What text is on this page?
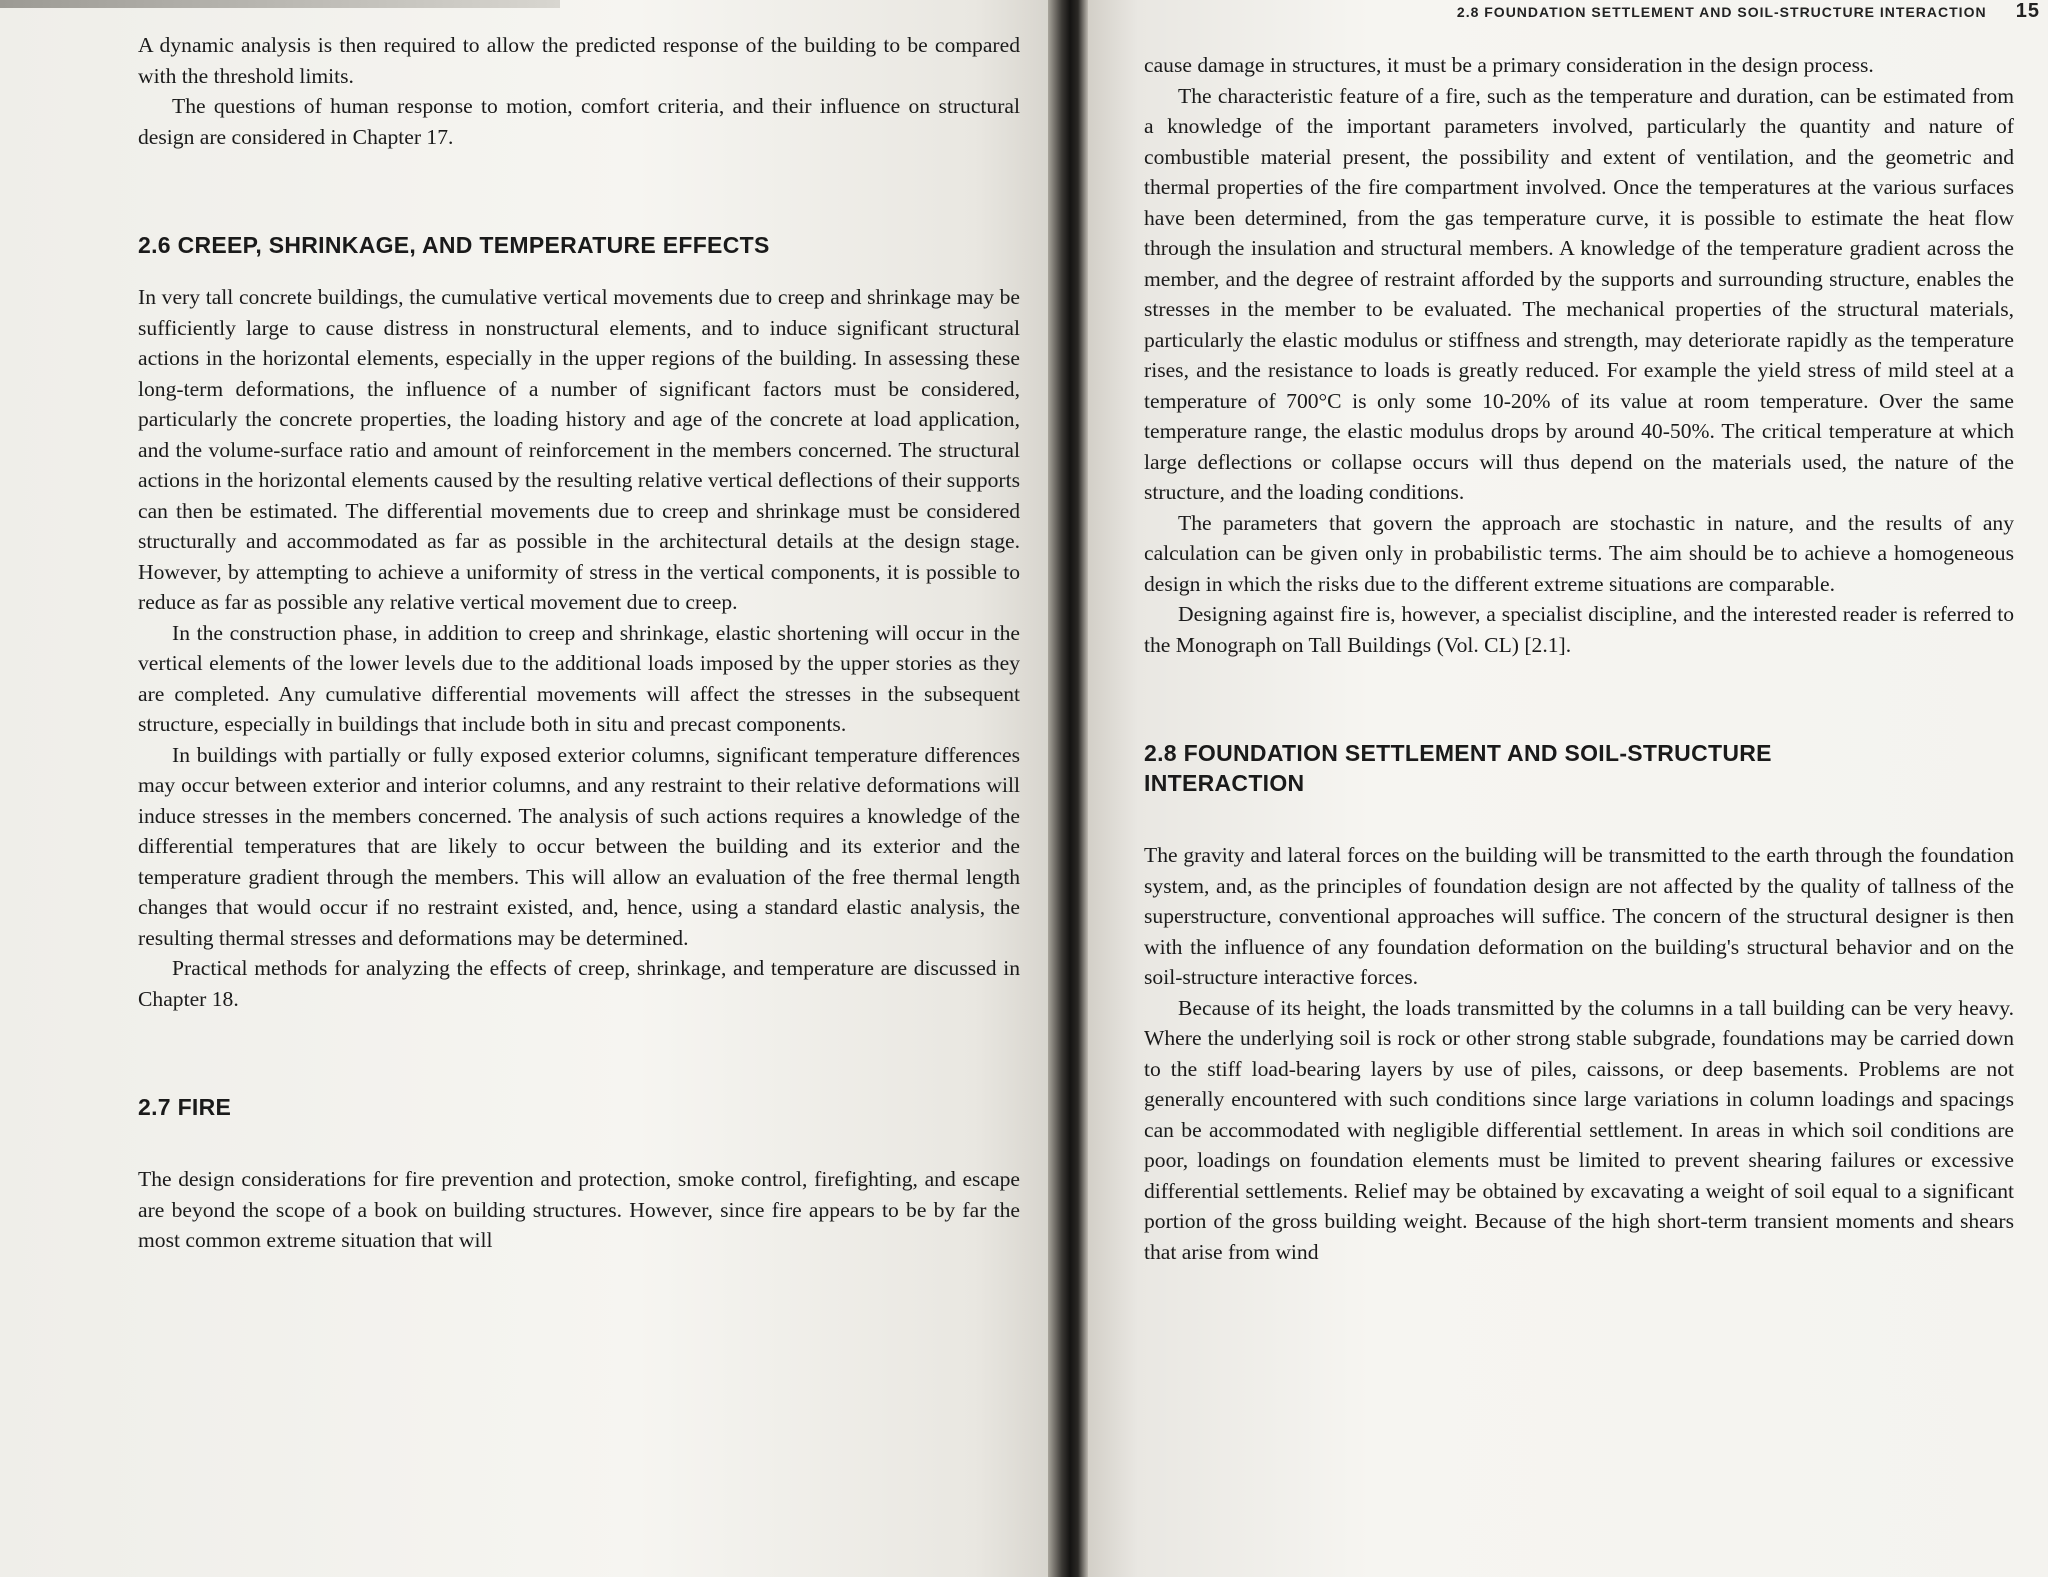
A dynamic analysis is then required to allow the predicted response of the building to be compared with the threshold limits.

The questions of human response to motion, comfort criteria, and their influence on structural design are considered in Chapter 17.

2.6 CREEP, SHRINKAGE, AND TEMPERATURE EFFECTS

In very tall concrete buildings, the cumulative vertical movements due to creep and shrinkage may be sufficiently large to cause distress in nonstructural elements, and to induce significant structural actions in the horizontal elements, especially in the upper regions of the building. In assessing these long-term deformations, the influence of a number of significant factors must be considered, particularly the concrete properties, the loading history and age of the concrete at load application, and the volume-surface ratio and amount of reinforcement in the members concerned. The structural actions in the horizontal elements caused by the resulting relative vertical deflections of their supports can then be estimated. The differential movements due to creep and shrinkage must be considered structurally and accommodated as far as possible in the architectural details at the design stage. However, by attempting to achieve a uniformity of stress in the vertical components, it is possible to reduce as far as possible any relative vertical movement due to creep.

In the construction phase, in addition to creep and shrinkage, elastic shortening will occur in the vertical elements of the lower levels due to the additional loads imposed by the upper stories as they are completed. Any cumulative differential movements will affect the stresses in the subsequent structure, especially in buildings that include both in situ and precast components.

In buildings with partially or fully exposed exterior columns, significant temperature differences may occur between exterior and interior columns, and any restraint to their relative deformations will induce stresses in the members concerned. The analysis of such actions requires a knowledge of the differential temperatures that are likely to occur between the building and its exterior and the temperature gradient through the members. This will allow an evaluation of the free thermal length changes that would occur if no restraint existed, and, hence, using a standard elastic analysis, the resulting thermal stresses and deformations may be determined.

Practical methods for analyzing the effects of creep, shrinkage, and temperature are discussed in Chapter 18.

2.7 FIRE

The design considerations for fire prevention and protection, smoke control, firefighting, and escape are beyond the scope of a book on building structures. However, since fire appears to be by far the most common extreme situation that will

2.8 FOUNDATION SETTLEMENT AND SOIL-STRUCTURE INTERACTION 15

cause damage in structures, it must be a primary consideration in the design process.

The characteristic feature of a fire, such as the temperature and duration, can be estimated from a knowledge of the important parameters involved, particularly the quantity and nature of combustible material present, the possibility and extent of ventilation, and the geometric and thermal properties of the fire compartment involved. Once the temperatures at the various surfaces have been determined, from the gas temperature curve, it is possible to estimate the heat flow through the insulation and structural members. A knowledge of the temperature gradient across the member, and the degree of restraint afforded by the supports and surrounding structure, enables the stresses in the member to be evaluated. The mechanical properties of the structural materials, particularly the elastic modulus or stiffness and strength, may deteriorate rapidly as the temperature rises, and the resistance to loads is greatly reduced. For example the yield stress of mild steel at a temperature of 700°C is only some 10-20% of its value at room temperature. Over the same temperature range, the elastic modulus drops by around 40-50%. The critical temperature at which large deflections or collapse occurs will thus depend on the materials used, the nature of the structure, and the loading conditions.

The parameters that govern the approach are stochastic in nature, and the results of any calculation can be given only in probabilistic terms. The aim should be to achieve a homogeneous design in which the risks due to the different extreme situations are comparable.

Designing against fire is, however, a specialist discipline, and the interested reader is referred to the Monograph on Tall Buildings (Vol. CL) [2.1].

2.8 FOUNDATION SETTLEMENT AND SOIL-STRUCTURE
INTERACTION

The gravity and lateral forces on the building will be transmitted to the earth through the foundation system, and, as the principles of foundation design are not affected by the quality of tallness of the superstructure, conventional approaches will suffice. The concern of the structural designer is then with the influence of any foundation deformation on the building's structural behavior and on the soil-structure interactive forces.

Because of its height, the loads transmitted by the columns in a tall building can be very heavy. Where the underlying soil is rock or other strong stable subgrade, foundations may be carried down to the stiff load-bearing layers by use of piles, caissons, or deep basements. Problems are not generally encountered with such conditions since large variations in column loadings and spacings can be accommodated with negligible differential settlement. In areas in which soil conditions are poor, loadings on foundation elements must be limited to prevent shearing failures or excessive differential settlements. Relief may be obtained by excavating a weight of soil equal to a significant portion of the gross building weight. Because of the high short-term transient moments and shears that arise from wind
